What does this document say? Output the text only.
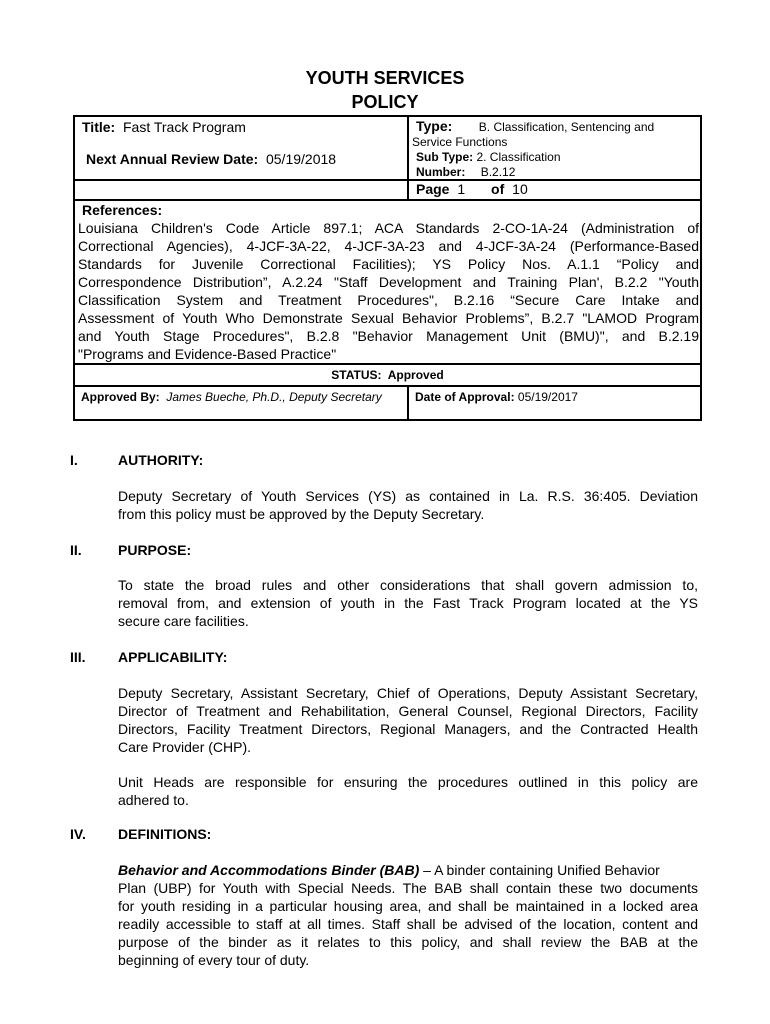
YOUTH SERVICES
POLICY
Title: Fast Track Program
Next Annual Review Date: 05/19/2018
Type: B. Classification, Sentencing and
Service Functions
Sub Type: 2. Classification
Number: B.2.12
Page 1 of 10
References:
Louisiana Children's Code Article 897.1; ACA Standards 2-CO-1A-24 (Administration of
Correctional Agencies), 4-JCF-3A-22, 4-JCF-3A-23 and 4-JCF-3A-24 (Performance-Based
Standards for Juvenile Correctional Facilities); YS Policy Nos. A.1.1 “Policy and
Correspondence Distribution”, A.2.24 "Staff Development and Training Plan', B.2.2 "Youth
Classification System and Treatment Procedures", B.2.16 “Secure Care Intake and
Assessment of Youth Who Demonstrate Sexual Behavior Problems”, B.2.7 "LAMOD Program
and Youth Stage Procedures", B.2.8 "Behavior Management Unit (BMU)", and B.2.19
"Programs and Evidence-Based Practice"
STATUS: Approved
Approved By: James Bueche, Ph.D., Deputy Secretary	Date of Approval: 05/19/2017
I.	AUTHORITY:
Deputy Secretary of Youth Services (YS) as contained in La. R.S. 36:405. Deviation
from this policy must be approved by the Deputy Secretary.
II.	PURPOSE:
To state the broad rules and other considerations that shall govern admission to,
removal from, and extension of youth in the Fast Track Program located at the YS
secure care facilities.
III. APPLICABILITY:
Deputy Secretary, Assistant Secretary, Chief of Operations, Deputy Assistant Secretary,
Director of Treatment and Rehabilitation, General Counsel, Regional Directors, Facility
Directors, Facility Treatment Directors, Regional Managers, and the Contracted Health
Care Provider (CHP).
Unit Heads are responsible for ensuring the procedures outlined in this policy are
adhered to.
IV. DEFINITIONS:
Behavior and Accommodations Binder (BAB) – A binder containing Unified Behavior
Plan (UBP) for Youth with Special Needs. The BAB shall contain these two documents
for youth residing in a particular housing area, and shall be maintained in a locked area
readily accessible to staff at all times. Staff shall be advised of the location, content and
purpose of the binder as it relates to this policy, and shall review the BAB at the
beginning of every tour of duty.
